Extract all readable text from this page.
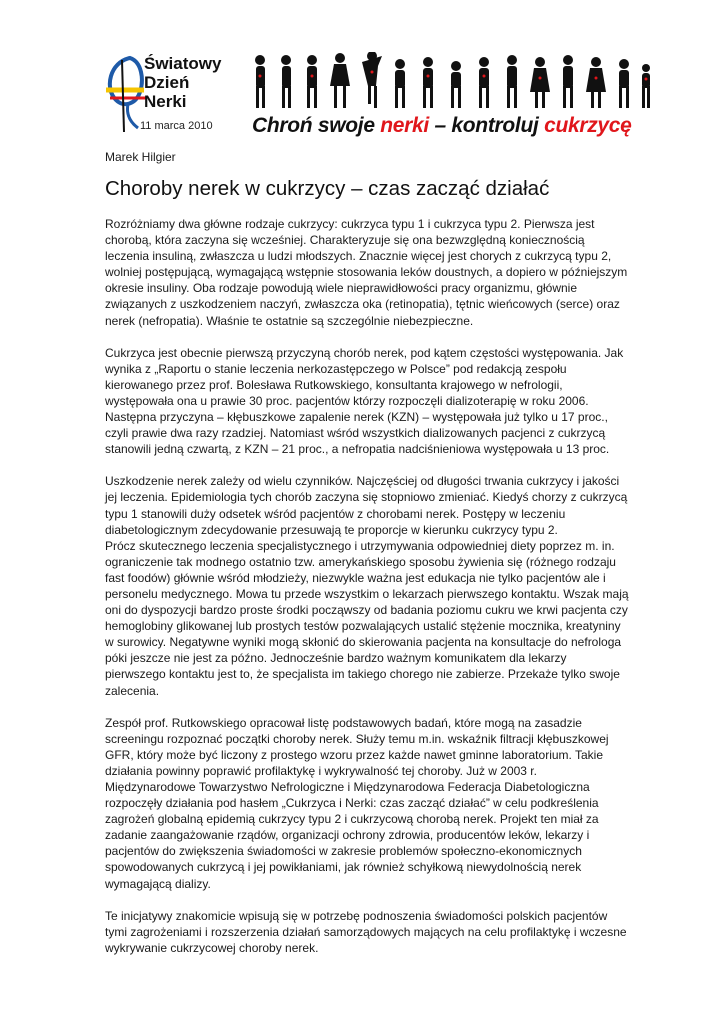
Światowy
Dzień
Nerki
11 marca 2010 Chroń swoje nerki – kontroluj cukrzycę
Marek Hilgier
Choroby nerek w cukrzycy – czas zacząć działać

Rozróżniamy dwa główne rodzaje cukrzycy: cukrzyca typu 1 i cukrzyca typu 2. Pierwsza jest chorobą, która zaczyna się wcześniej. Charakteryzuje się ona bezwzględną koniecznością leczenia insuliną, zwłaszcza u ludzi młodszych. Znacznie więcej jest chorych z cukrzycą typu 2, wolniej postępującą, wymagającą wstępnie stosowania leków doustnych, a dopiero w późniejszym okresie insuliny. Oba rodzaje powodują wiele nieprawidłowości pracy organizmu, głównie związanych z uszkodzeniem naczyń, zwłaszcza oka (retinopatia), tętnic wieńcowych (serce) oraz nerek (nefropatia). Właśnie te ostatnie są szczególnie niebezpieczne.

Cukrzyca jest obecnie pierwszą przyczyną chorób nerek, pod kątem częstości występowania. Jak wynika z „Raportu o stanie leczenia nerkozastępczego w Polsce” pod redakcją zespołu kierowanego przez prof. Bolesława Rutkowskiego, konsultanta krajowego w nefrologii, występowała ona u prawie 30 proc. pacjentów którzy rozpoczęli dializoterapię w roku 2006. Następna przyczyna – kłębuszkowe zapalenie nerek (KZN) – występowała już tylko u 17 proc., czyli prawie dwa razy rzadziej. Natomiast wśród wszystkich dializowanych pacjenci z cukrzycą stanowili jedną czwartą, z KZN – 21 proc., a nefropatia nadciśnieniowa występowała u 13 proc.

Uszkodzenie nerek zależy od wielu czynników. Najczęściej od długości trwania cukrzycy i jakości jej leczenia. Epidemiologia tych chorób zaczyna się stopniowo zmieniać. Kiedyś chorzy z cukrzycą typu 1 stanowili duży odsetek wśród pacjentów z chorobami nerek. Postępy w leczeniu diabetologicznym zdecydowanie przesuwają te proporcje w kierunku cukrzycy typu 2.

Prócz skutecznego leczenia specjalistycznego i utrzymywania odpowiedniej diety poprzez m. in. ograniczenie tak modnego ostatnio tzw. amerykańskiego sposobu żywienia się (różnego rodzaju fast foodów) głównie wśród młodzieży, niezwykle ważna jest edukacja nie tylko pacjentów ale i personelu medycznego. Mowa tu przede wszystkim o lekarzach pierwszego kontaktu. Wszak mają oni do dyspozycji bardzo proste środki począwszy od badania poziomu cukru we krwi pacjenta czy hemoglobiny glikowanej lub prostych testów pozwalających ustalić stężenie mocznika, kreatyniny w surowicy. Negatywne wyniki mogą skłonić do skierowania pacjenta na konsultacje do nefrologa póki jeszcze nie jest za późno. Jednocześnie bardzo ważnym komunikatem dla lekarzy pierwszego kontaktu jest to, że specjalista im takiego chorego nie zabierze. Przekaże tylko swoje zalecenia.

Zespół prof. Rutkowskiego opracował listę podstawowych badań, które mogą na zasadzie screeningu rozpoznać początki choroby nerek. Służy temu m.in. wskaźnik filtracji kłębuszkowej GFR, który może być liczony z prostego wzoru przez każde nawet gminne laboratorium. Takie działania powinny poprawić profilaktykę i wykrywalność tej choroby. Już w 2003 r. Międzynarodowe Towarzystwo Nefrologiczne i Międzynarodowa Federacja Diabetologiczna rozpoczęły działania pod hasłem „Cukrzyca i Nerki: czas zacząć działać” w celu podkreślenia zagrożeń globalną epidemią cukrzycy typu 2 i cukrzycową chorobą nerek. Projekt ten miał za zadanie zaangażowanie rządów, organizacji ochrony zdrowia, producentów leków, lekarzy i pacjentów do zwiększenia świadomości w zakresie problemów społeczno-ekonomicznych spowodowanych cukrzycą i jej powikłaniami, jak również schyłkową niewydolnością nerek wymagającą dializy.

Te inicjatywy znakomicie wpisują się w potrzebę podnoszenia świadomości polskich pacjentów tymi zagrożeniami i rozszerzenia działań samorządowych mających na celu profilaktykę i wczesne wykrywanie cukrzycowej choroby nerek.
